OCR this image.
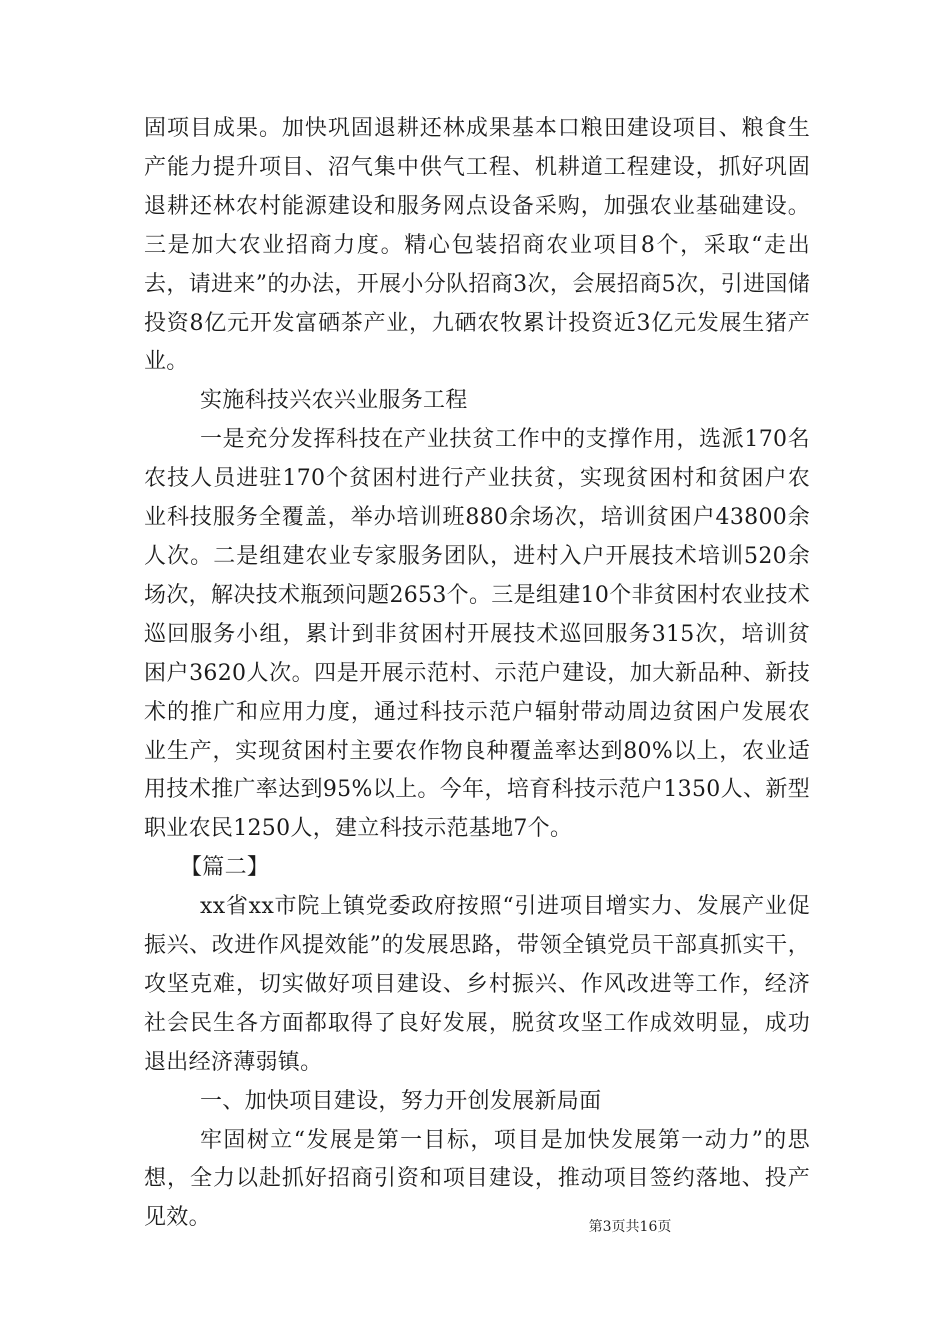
固项目成果。加快巩固退耕还林成果基本口粮田建设项目、粮食生产能力提升项目、沼气集中供气工程、机耕道工程建设，抓好巩固退耕还林农村能源建设和服务网点设备采购，加强农业基础建设。三是加大农业招商力度。精心包装招商农业项目8个，采取“走出去，请进来”的办法，开展小分队招商3次，会展招商5次，引进国储投资8亿元开发富硒茶产业，九硒农牧累计投资近3亿元发展生猪产业。

实施科技兴农兴业服务工程

一是充分发挥科技在产业扶贫工作中的支撑作用，选派170名农技人员进驻170个贫困村进行产业扶贫，实现贫困村和贫困户农业科技服务全覆盖，举办培训班880余场次，培训贫困户43800余人次。二是组建农业专家服务团队，进村入户开展技术培训520余场次，解决技术瓶颈问题2653个。三是组建10个非贫困村农业技术巡回服务小组，累计到非贫困村开展技术巡回服务315次，培训贫困户3620人次。四是开展示范村、示范户建设，加大新品种、新技术的推广和应用力度，通过科技示范户辐射带动周边贫困户发展农业生产，实现贫困村主要农作物良种覆盖率达到80%以上，农业适用技术推广率达到95%以上。今年，培育科技示范户1350人、新型职业农民1250人，建立科技示范基地7个。

【篇二】

xx省xx市院上镇党委政府按照“引进项目增实力、发展产业促振兴、改进作风提效能”的发展思路，带领全镇党员干部真抓实干，攻坚克难，切实做好项目建设、乡村振兴、作风改进等工作，经济社会民生各方面都取得了良好发展，脱贫攻坚工作成效明显，成功退出经济薄弱镇。

一、加快项目建设，努力开创发展新局面

牢固树立“发展是第一目标，项目是加快发展第一动力”的思想，全力以赴抓好招商引资和项目建设，推动项目签约落地、投产见效。	第3页共16页
